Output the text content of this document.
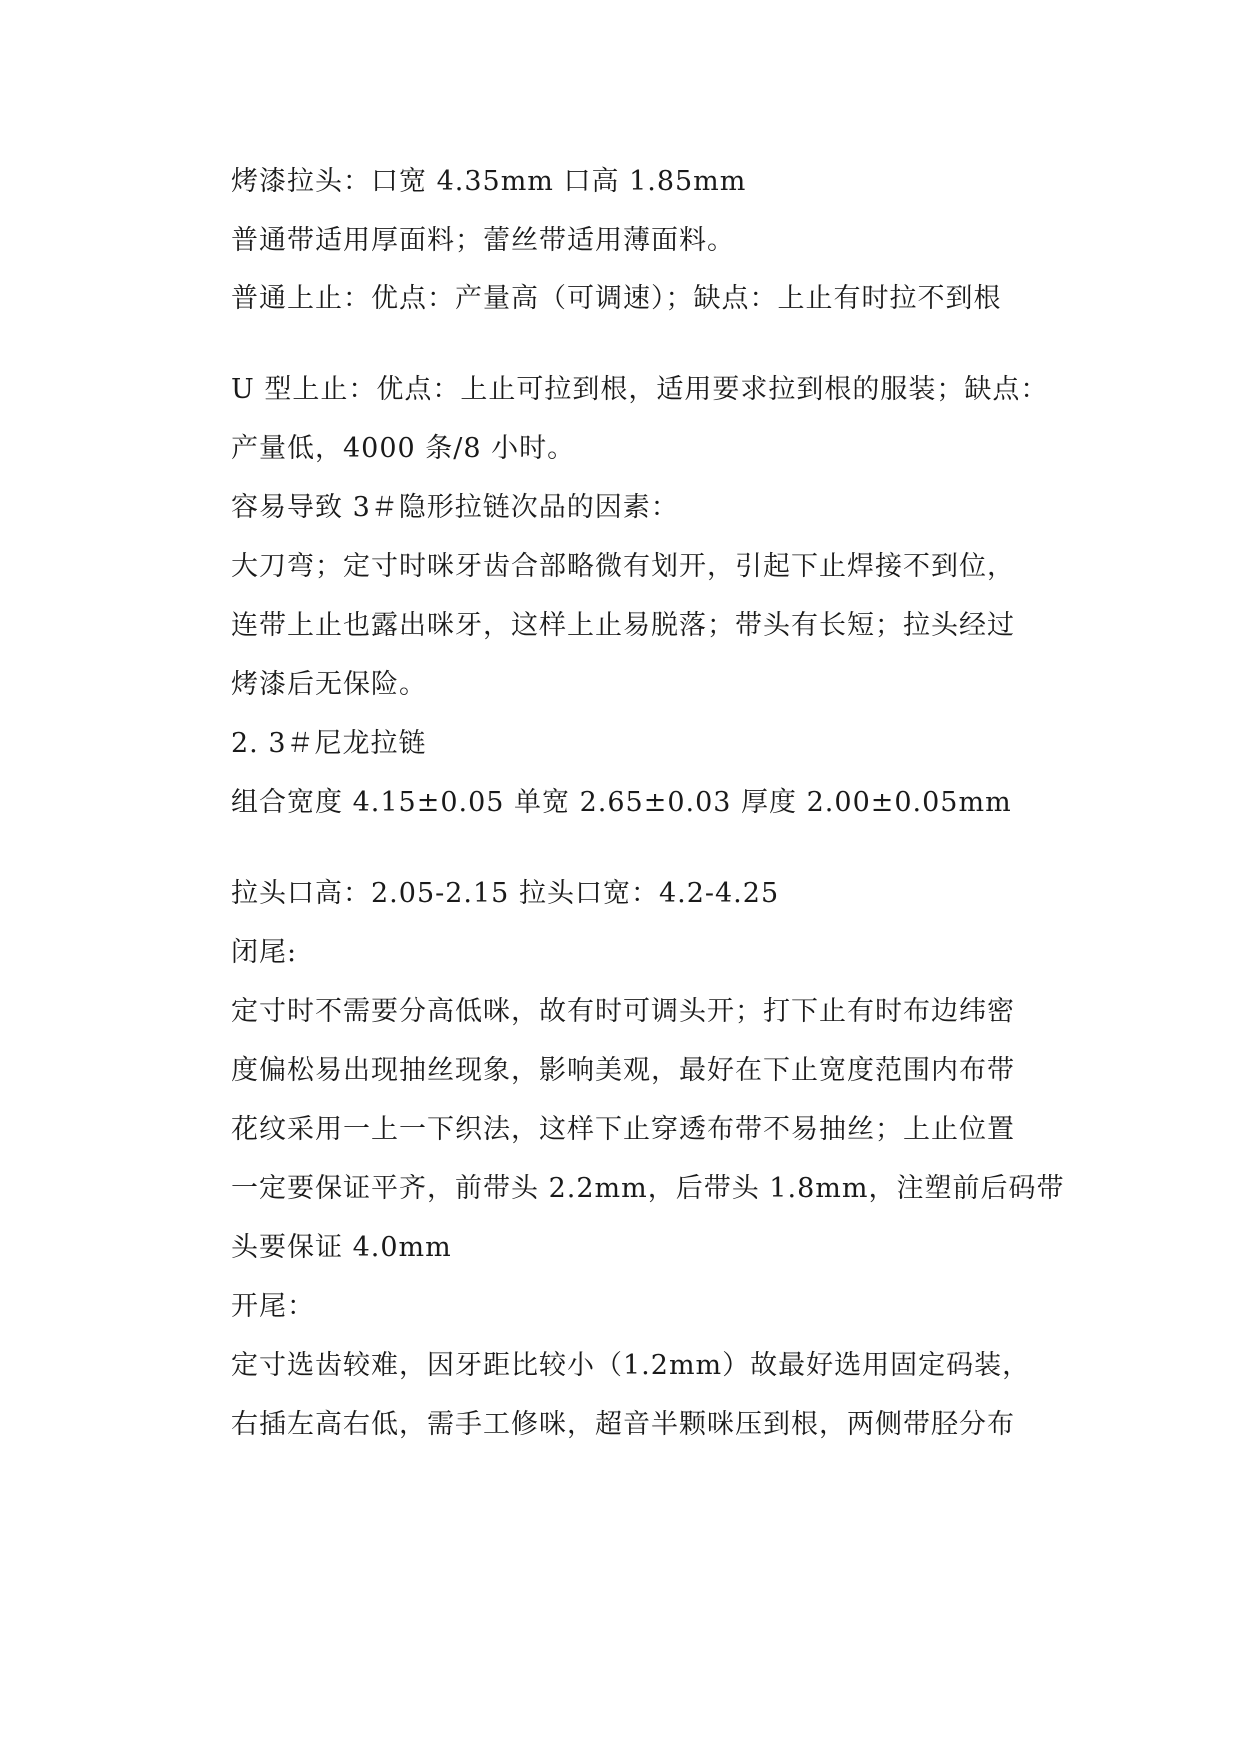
烤漆拉头：口宽 4.35mm 口高 1.85mm
普通带适用厚面料；蕾丝带适用薄面料。
普通上止：优点：产量高（可调速）；缺点：上止有时拉不到根
U 型上止：优点：上止可拉到根，适用要求拉到根的服装；缺点：
产量低，4000 条/8 小时。
容易导致 3＃隐形拉链次品的因素：
大刀弯；定寸时咪牙齿合部略微有划开，引起下止焊接不到位，
连带上止也露出咪牙，这样上止易脱落；带头有长短；拉头经过
烤漆后无保险。
2. 3＃尼龙拉链
组合宽度 4.15±0.05 单宽 2.65±0.03 厚度 2.00±0.05mm
拉头口高：2.05-2.15 拉头口宽：4.2-4.25
闭尾:
定寸时不需要分高低咪，故有时可调头开；打下止有时布边纬密
度偏松易出现抽丝现象，影响美观，最好在下止宽度范围内布带
花纹采用一上一下织法，这样下止穿透布带不易抽丝；上止位置
一定要保证平齐，前带头 2.2mm，后带头 1.8mm，注塑前后码带
头要保证 4.0mm
开尾：
定寸选齿较难，因牙距比较小（1.2mm）故最好选用固定码装，
右插左高右低，需手工修咪，超音半颗咪压到根，两侧带胫分布
